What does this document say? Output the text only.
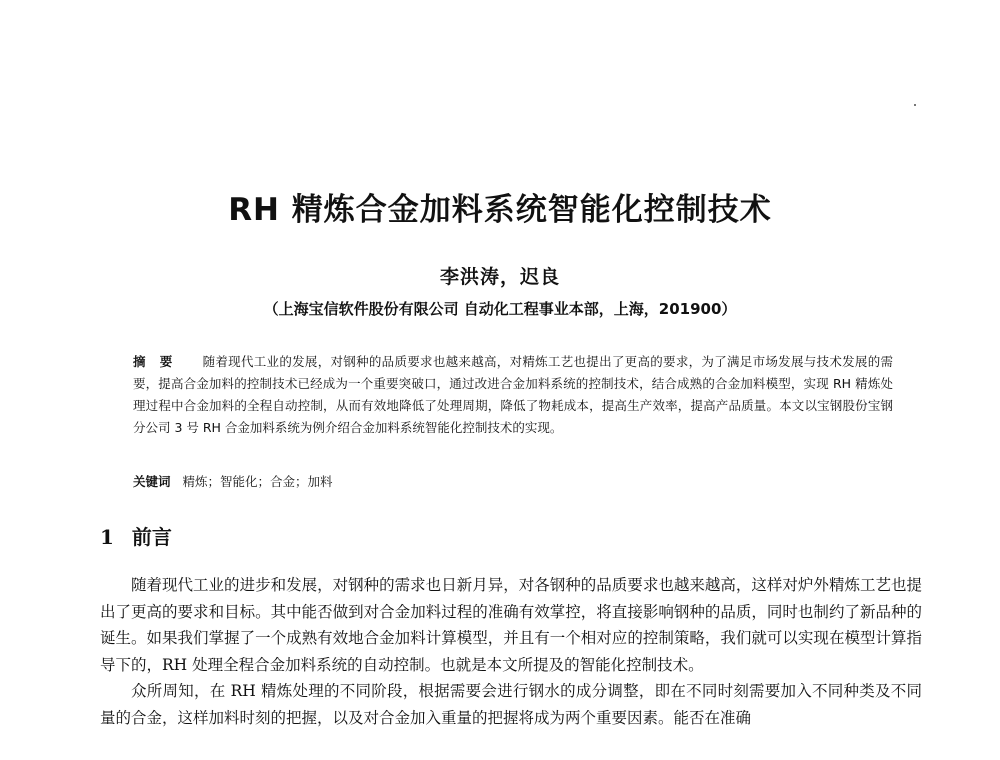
RH 精炼合金加料系统智能化控制技术
李洪涛，迟良
（上海宝信软件股份有限公司 自动化工程事业本部，上海，201900）
摘要 随着现代工业的发展，对钢种的品质要求也越来越高，对精炼工艺也提出了更高的要求，为了满足市场发展与技术发展的需要，提高合金加料的控制技术已经成为一个重要突破口，通过改进合金加料系统的控制技术，结合成熟的合金加料模型，实现 RH 精炼处理过程中合金加料的全程自动控制，从而有效地降低了处理周期，降低了物耗成本，提高生产效率，提高产品质量。本文以宝钢股份宝钢分公司 3 号 RH 合金加料系统为例介绍合金加料系统智能化控制技术的实现。
关键词 精炼；智能化；合金；加料
1 前言

随着现代工业的进步和发展，对钢种的需求也日新月异，对各钢种的品质要求也越来越高，这样对炉外精炼工艺也提出了更高的要求和目标。其中能否做到对合金加料过程的准确有效掌控，将直接影响钢种的品质，同时也制约了新品种的诞生。如果我们掌握了一个成熟有效地合金加料计算模型，并且有一个相对应的控制策略，我们就可以实现在模型计算指导下的，RH 处理全程合金加料系统的自动控制。也就是本文所提及的智能化控制技术。

众所周知，在 RH 精炼处理的不同阶段，根据需要会进行钢水的成分调整，即在不同时刻需要加入不同种类及不同量的合金，这样加料时刻的把握，以及对合金加入重量的把握将成为两个重要因素。能否在准确
